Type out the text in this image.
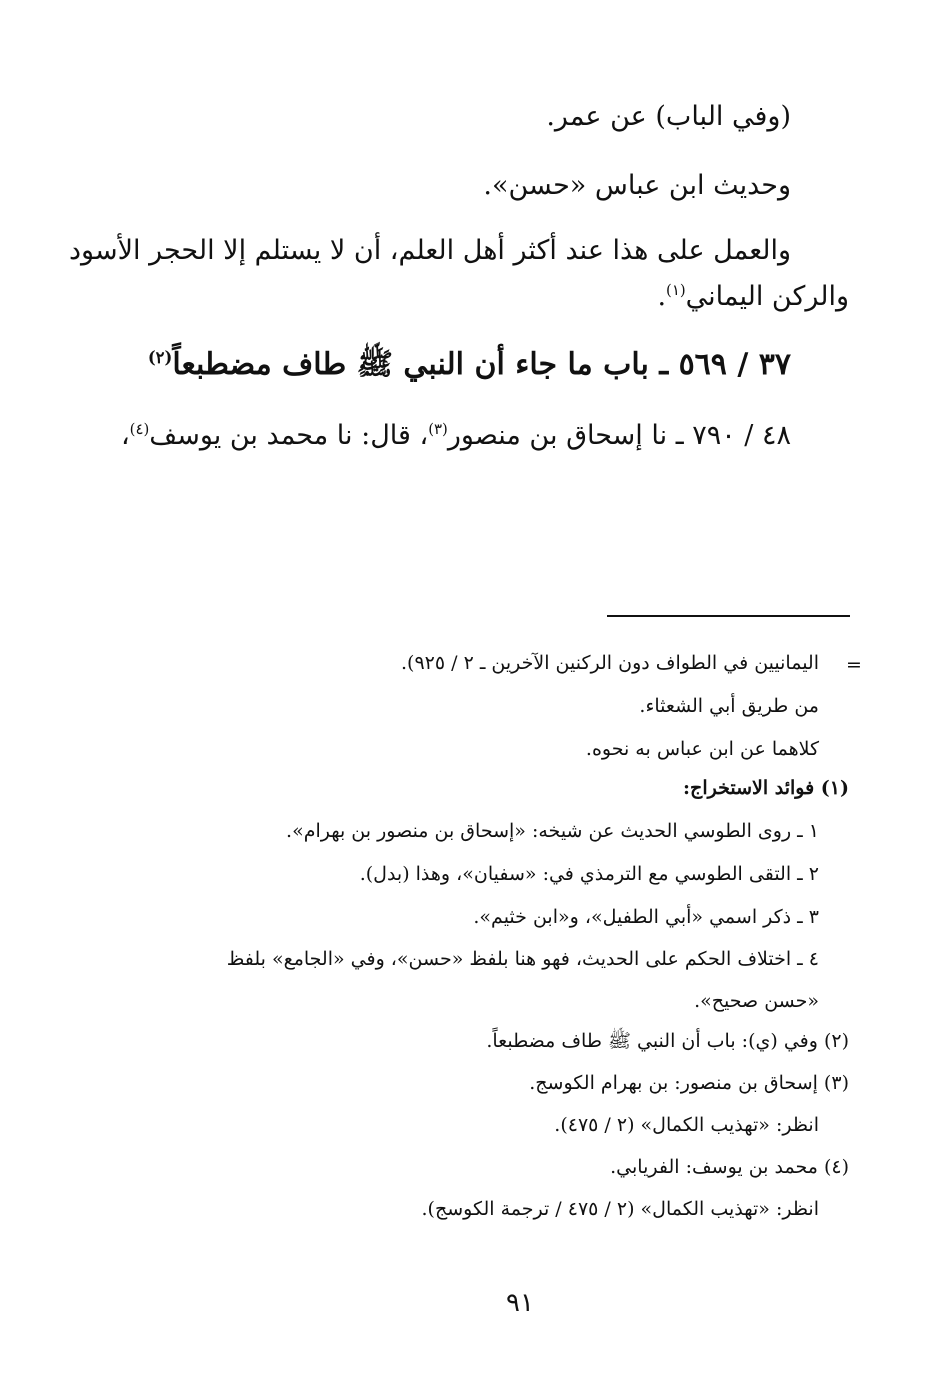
(وفي الباب) عن عمر.

وحديث ابن عباس «حسن».

والعمل على هذا عند أكثر أهل العلم، أن لا يستلم إلا الحجر الأسود

والركن اليماني$^{(١)}$.

٣٧ / ٥٦٩ ـ باب ما جاء أن النبي ﷺ طاف مضطبعاً$^{(٢)}$

٤٨ / ٧٩٠ ـ نا إسحاق بن منصور$^{(٣)}$، قال: نا محمد بن يوسف$^{(٤)}$،

=

اليمانيين في الطواف دون الركنين الآخرين ـ ٢ / ٩٢٥).

من طريق أبي الشعثاء.

كلاهما عن ابن عباس به نحوه.

(١) فوائد الاستخراج:

١ ـ روى الطوسي الحديث عن شيخه: «إسحاق بن منصور بن بهرام».

٢ ـ التقى الطوسي مع الترمذي في: «سفيان»، وهذا (بدل).

٣ ـ ذكر اسمي «أبي الطفيل»، و«ابن خثيم».

٤ ـ اختلاف الحكم على الحديث، فهو هنا بلفظ «حسن»، وفي «الجامع» بلفظ

«حسن صحيح».

(٢) وفي (ي): باب أن النبي ﷺ طاف مضطبعاً.

(٣) إسحاق بن منصور: بن بهرام الكوسج.

انظر: «تهذيب الكمال» (٢ / ٤٧٥).

(٤) محمد بن يوسف: الفريابي.

انظر: «تهذيب الكمال» (٢ / ٤٧٥ / ترجمة الكوسج).

٩١
